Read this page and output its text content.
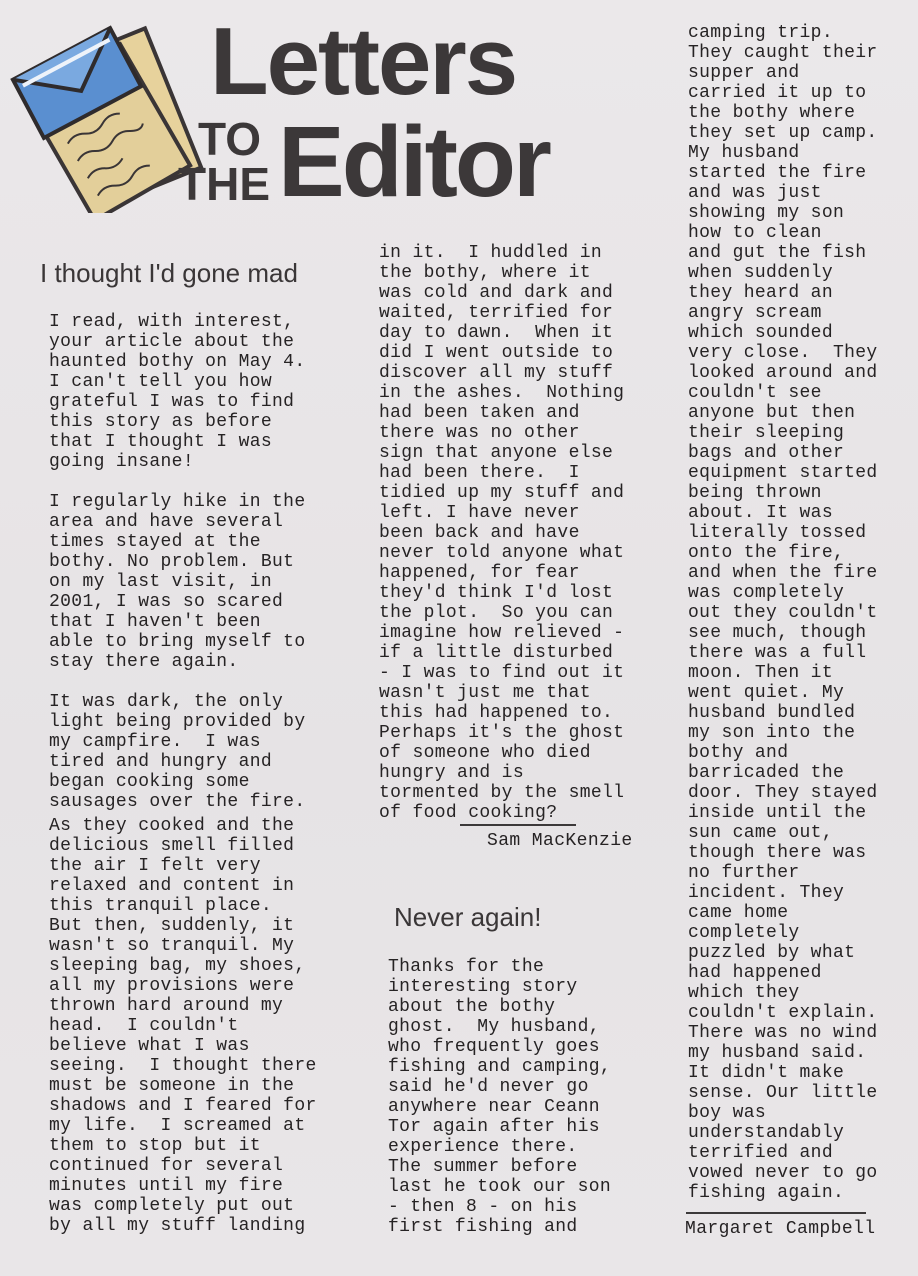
Letters
TO
THE Editor
I thought I'd gone mad
I read, with interest,
your article about the
haunted bothy on May 4.
I can't tell you how
grateful I was to find
this story as before
that I thought I was
going insane!
I regularly hike in the
area and have several
times stayed at the
bothy. No problem. But
on my last visit, in
2001, I was so scared
that I haven't been
able to bring myself to
stay there again.
It was dark, the only
light being provided by
my campfire.  I was
tired and hungry and
began cooking some
sausages over the fire.
As they cooked and the
delicious smell filled
the air I felt very
relaxed and content in
this tranquil place.
But then, suddenly, it
wasn't so tranquil. My
sleeping bag, my shoes,
all my provisions were
thrown hard around my
head.  I couldn't
believe what I was
seeing.  I thought there
must be someone in the
shadows and I feared for
my life.  I screamed at
them to stop but it
continued for several
minutes until my fire
was completely put out
by all my stuff landing
in it.  I huddled in
the bothy, where it
was cold and dark and
waited, terrified for
day to dawn.  When it
did I went outside to
discover all my stuff
in the ashes.  Nothing
had been taken and
there was no other
sign that anyone else
had been there.  I
tidied up my stuff and
left. I have never
been back and have
never told anyone what
happened, for fear
they'd think I'd lost
the plot.  So you can
imagine how relieved -
if a little disturbed
- I was to find out it
wasn't just me that
this had happened to.
Perhaps it's the ghost
of someone who died
hungry and is
tormented by the smell
of food cooking?
Sam MacKenzie
Never again!
Thanks for the
interesting story
about the bothy
ghost.  My husband,
who frequently goes
fishing and camping,
said he'd never go
anywhere near Ceann
Tor again after his
experience there.
The summer before
last he took our son
- then 8 - on his
first fishing and
camping trip.
They caught their
supper and
carried it up to
the bothy where
they set up camp.
My husband
started the fire
and was just
showing my son
how to clean
and gut the fish
when suddenly
they heard an
angry scream
which sounded
very close.  They
looked around and
couldn't see
anyone but then
their sleeping
bags and other
equipment started
being thrown
about. It was
literally tossed
onto the fire,
and when the fire
was completely
out they couldn't
see much, though
there was a full
moon. Then it
went quiet. My
husband bundled
my son into the
bothy and
barricaded the
door. They stayed
inside until the
sun came out,
though there was
no further
incident. They
came home
completely
puzzled by what
had happened
which they
couldn't explain.
There was no wind
my husband said.
It didn't make
sense. Our little
boy was
understandably
terrified and
vowed never to go
fishing again.
Margaret Campbell
